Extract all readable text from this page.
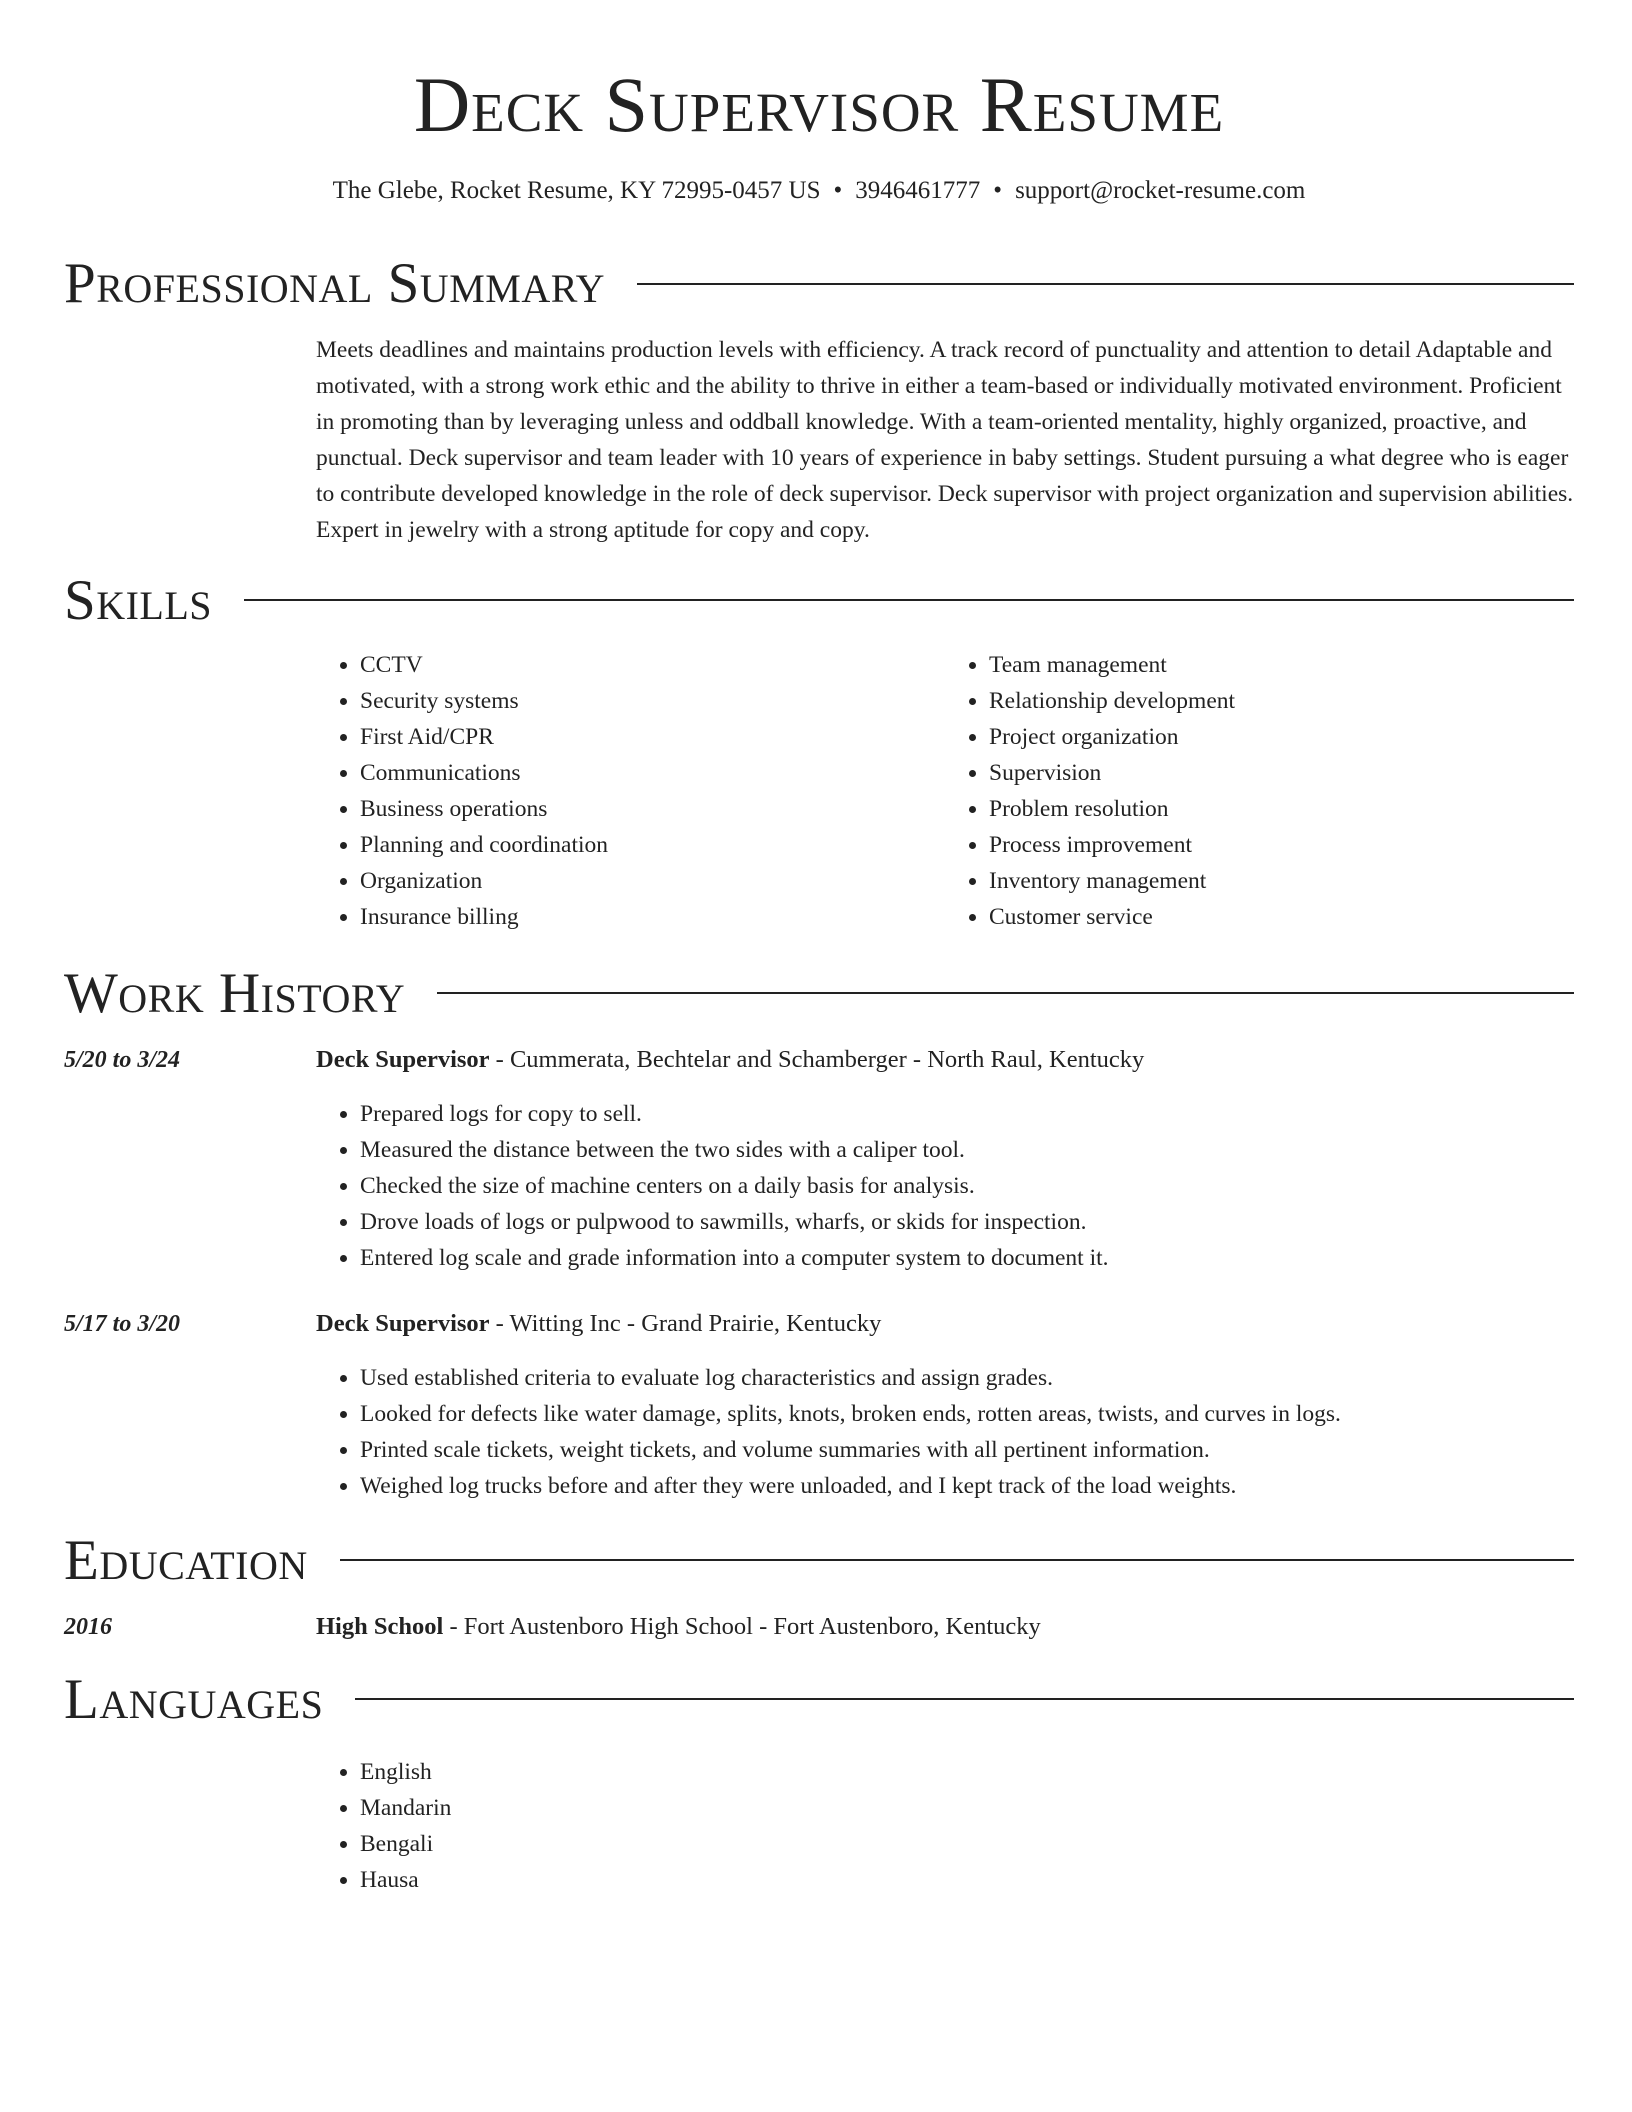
Deck Supervisor Resume
The Glebe, Rocket Resume, KY 72995-0457 US • 3946461777 • support@rocket-resume.com
Professional Summary

Meets deadlines and maintains production levels with efficiency. A track record of punctuality and attention to detail Adaptable and motivated, with a strong work ethic and the ability to thrive in either a team-based or individually motivated environment. Proficient in promoting than by leveraging unless and oddball knowledge. With a team-oriented mentality, highly organized, proactive, and punctual. Deck supervisor and team leader with 10 years of experience in baby settings. Student pursuing a what degree who is eager to contribute developed knowledge in the role of deck supervisor. Deck supervisor with project organization and supervision abilities. Expert in jewelry with a strong aptitude for copy and copy.

Skills
• CCTV
• Security systems
• First Aid/CPR
• Communications
• Business operations
• Planning and coordination
• Organization
• Insurance billing
• Team management
• Relationship development
• Project organization
• Supervision
• Problem resolution
• Process improvement
• Inventory management
• Customer service
Work History
5/20 to 3/24	Deck Supervisor - Cummerata, Bechtelar and Schamberger - North Raul, Kentucky
• Prepared logs for copy to sell.
• Measured the distance between the two sides with a caliper tool.
• Checked the size of machine centers on a daily basis for analysis.
• Drove loads of logs or pulpwood to sawmills, wharfs, or skids for inspection.
• Entered log scale and grade information into a computer system to document it.
5/17 to 3/20	Deck Supervisor - Witting Inc - Grand Prairie, Kentucky
• Used established criteria to evaluate log characteristics and assign grades.
• Looked for defects like water damage, splits, knots, broken ends, rotten areas, twists, and curves in logs.
• Printed scale tickets, weight tickets, and volume summaries with all pertinent information.
• Weighed log trucks before and after they were unloaded, and I kept track of the load weights.
Education
2016	High School - Fort Austenboro High School - Fort Austenboro, Kentucky
Languages
• English
• Mandarin
• Bengali
• Hausa
